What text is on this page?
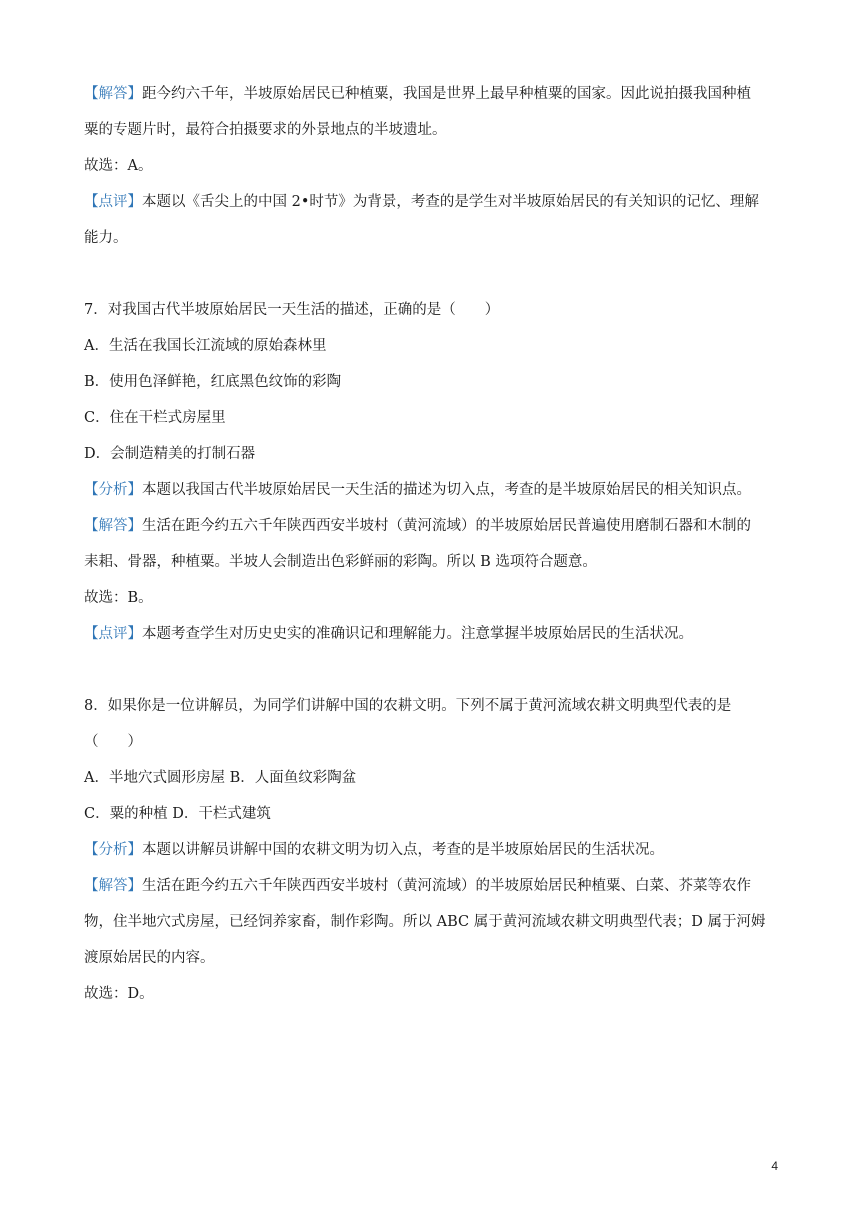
【解答】距今约六千年，半坡原始居民已种植粟，我国是世界上最早种植粟的国家。因此说拍摄我国种植

粟的专题片时，最符合拍摄要求的外景地点的半坡遗址。

故选：A。

【点评】本题以《舌尖上的中国 2•时节》为背景，考查的是学生对半坡原始居民的有关知识的记忆、理解

能力。

7．对我国古代半坡原始居民一天生活的描述，正确的是（　　）

A．生活在我国长江流域的原始森林里

B．使用色泽鲜艳，红底黑色纹饰的彩陶

C．住在干栏式房屋里

D．会制造精美的打制石器

【分析】本题以我国古代半坡原始居民一天生活的描述为切入点，考查的是半坡原始居民的相关知识点。

【解答】生活在距今约五六千年陕西西安半坡村（黄河流域）的半坡原始居民普遍使用磨制石器和木制的

耒耜、骨器，种植粟。半坡人会制造出色彩鲜丽的彩陶。所以 B 选项符合题意。

故选：B。

【点评】本题考查学生对历史史实的准确识记和理解能力。注意掌握半坡原始居民的生活状况。

8．如果你是一位讲解员，为同学们讲解中国的农耕文明。下列不属于黄河流域农耕文明典型代表的是

（　　）

A．半地穴式圆形房屋 B．人面鱼纹彩陶盆

C．粟的种植 D．干栏式建筑

【分析】本题以讲解员讲解中国的农耕文明为切入点，考查的是半坡原始居民的生活状况。

【解答】生活在距今约五六千年陕西西安半坡村（黄河流域）的半坡原始居民种植粟、白菜、芥菜等农作

物，住半地穴式房屋，已经饲养家畜，制作彩陶。所以 ABC 属于黄河流域农耕文明典型代表；D 属于河姆

渡原始居民的内容。

故选：D。

4
